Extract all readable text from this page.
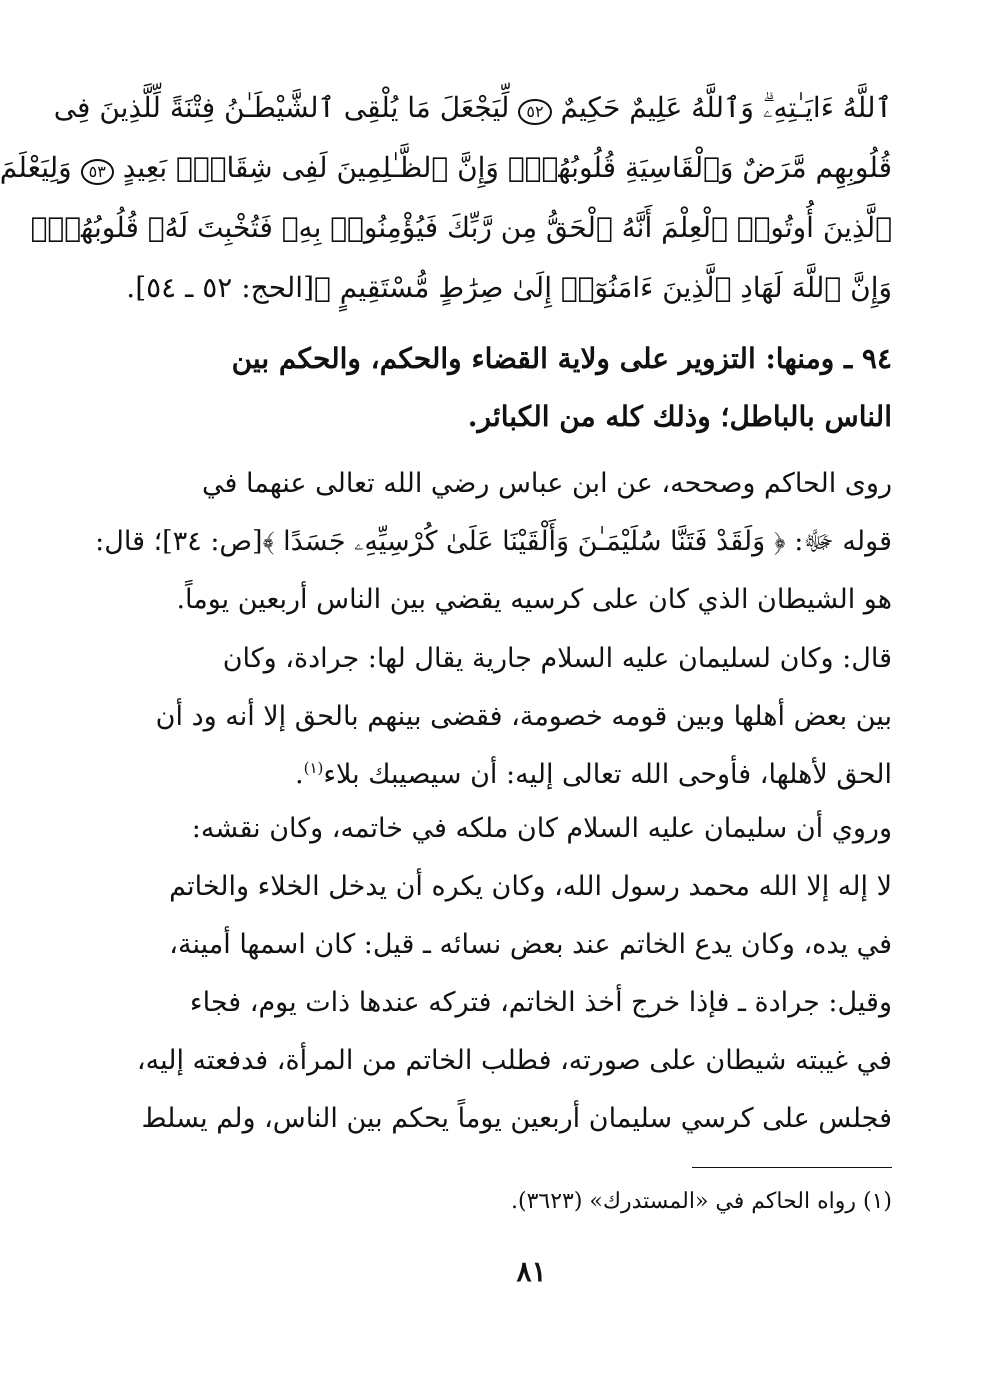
ٱللَّهُ ءَايَـٰتِهِۦۗ وَٱللَّهُ عَلِيمٌ حَكِيمٌ ٥٢ لِّيَجْعَلَ مَا يُلْقِى ٱلشَّيْطَـٰنُ فِتْنَةً لِّلَّذِينَ فِى
قُلُوبِهِم مَّرَضٌ وَٱلْقَاسِيَةِ قُلُوبُهُمْۗ وَإِنَّ ٱلظَّـٰلِمِينَ لَفِى شِقَاقٍۭ بَعِيدٍ ٥٣ وَلِيَعْلَمَ
ٱلَّذِينَ أُوتُوا۟ ٱلْعِلْمَ أَنَّهُ ٱلْحَقُّ مِن رَّبِّكَ فَيُؤْمِنُوا۟ بِهِۦ فَتُخْبِتَ لَهُۥ قُلُوبُهُمْۗ
وَإِنَّ ٱللَّهَ لَهَادِ ٱلَّذِينَ ءَامَنُوٓا۟ إِلَىٰ صِرَٰطٍ مُّسْتَقِيمٍ ﴾[الحج: ٥٢ ـ ٥٤].
٩٤ ـ ومنها: التزوير على ولاية القضاء والحكم، والحكم بين
الناس بالباطل؛ وذلك كله من الكبائر.
روى الحاكم وصححه، عن ابن عباس رضي الله تعالى عنهما في
قوله ﷻ: ﴿ وَلَقَدْ فَتَنَّا سُلَيْمَـٰنَ وَأَلْقَيْنَا عَلَىٰ كُرْسِيِّهِۦ جَسَدًا ﴾[ص: ٣٤]؛ قال:
هو الشيطان الذي كان على كرسيه يقضي بين الناس أربعين يوماً.
قال: وكان لسليمان عليه السلام جارية يقال لها: جرادة، وكان
بين بعض أهلها وبين قومه خصومة، فقضى بينهم بالحق إلا أنه ود أن
الحق لأهلها، فأوحى الله تعالى إليه: أن سيصيبك بلاء$^{(١)}$.
وروي أن سليمان عليه السلام كان ملكه في خاتمه، وكان نقشه:
لا إله إلا الله محمد رسول الله، وكان يكره أن يدخل الخلاء والخاتم
في يده، وكان يدع الخاتم عند بعض نسائه ـ قيل: كان اسمها أمينة،
وقيل: جرادة ـ فإذا خرج أخذ الخاتم، فتركه عندها ذات يوم، فجاء
في غيبته شيطان على صورته، فطلب الخاتم من المرأة، فدفعته إليه،
فجلس على كرسي سليمان أربعين يوماً يحكم بين الناس، ولم يسلط
(١) رواه الحاكم في «المستدرك» (٣٦٢٣).
٨١
